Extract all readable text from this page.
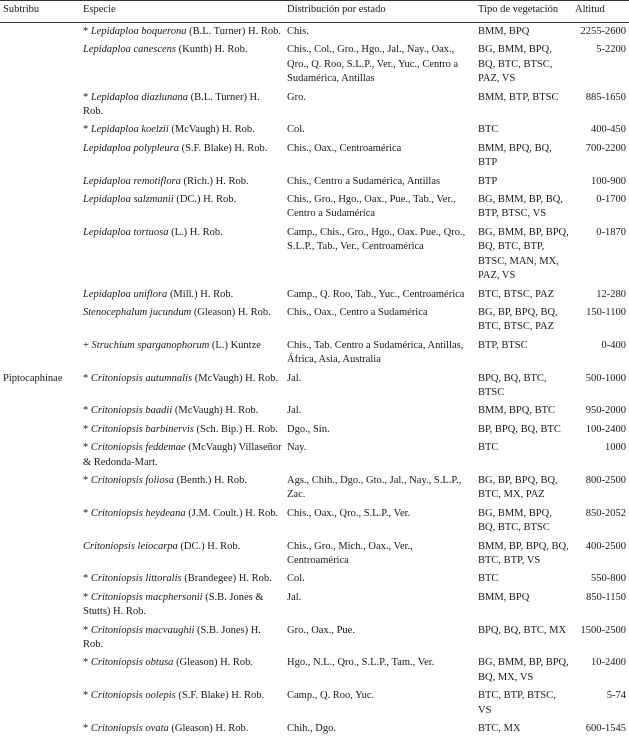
Subtribu	Especie	Distribución por estado	Tipo de vegetación	Altitud
	* Lepidaploa boquerona (B.L. Turner) H. Rob.	Chis.	BMM, BPQ	2255-2600
	Lepidaploa canescens (Kunth) H. Rob.	Chis., Col., Gro., Hgo., Jal., Nay., Oax., Qro., Q. Roo, S.L.P., Ver., Yuc., Centro a Sudamérica, Antillas	BG, BMM, BPQ, BQ, BTC, BTSC, PAZ, VS	5-2200
	* Lepidaploa diazlunana (B.L. Turner) H. Rob.	Gro.	BMM, BTP, BTSC	885-1650
	* Lepidaploa koelzii (McVaugh) H. Rob.	Col.	BTC	400-450
	Lepidaploa polypleura (S.F. Blake) H. Rob.	Chis., Oax., Centroamérica	BMM, BPQ, BQ, BTP	700-2200
	Lepidaploa remotiflora (Rich.) H. Rob.	Chis., Centro a Sudamérica, Antillas	BTP	100-900
	Lepidaploa salzmanii (DC.) H. Rob.	Chis., Gro., Hgo., Oax., Pue., Tab., Ver., Centro a Sudamérica	BG, BMM, BP, BQ, BTP, BTSC, VS	0-1700
	Lepidaploa tortuosa (L.) H. Rob.	Camp., Chis., Gro., Hgo., Oax. Pue., Qro., S.L.P., Tab., Ver., Centroamérica	BG, BMM, BP, BPQ, BQ, BTC, BTP, BTSC, MAN, MX, PAZ, VS	0-1870
	Lepidaploa uniflora (Mill.) H. Rob.	Camp., Q. Roo, Tab., Yuc., Centroamérica	BTC, BTSC, PAZ	12-280
	Stenocephalum jucundum (Gleason) H. Rob.	Chis., Oax., Centro a Sudamérica	BG, BP, BPQ, BQ, BTC, BTSC, PAZ	150-1100
	+ Struchium sparganophorum (L.) Kuntze	Chis., Tab. Centro a Sudamérica, Antillas, África, Asia, Australia	BTP, BTSC	0-400
Piptocaphinae	* Critoniopsis autumnalis (McVaugh) H. Rob.	Jal.	BPQ, BQ, BTC, BTSC	500-1000
	* Critoniopsis baadii (McVaugh) H. Rob.	Jal.	BMM, BPQ, BTC	950-2000
	* Critoniopsis barbinervis (Sch. Bip.) H. Rob.	Dgo., Sin.	BP, BPQ, BQ, BTC	100-2400
	* Critoniopsis feddemae (McVaugh) Villaseñor & Redonda-Mart.	Nay.	BTC	1000
	* Critoniopsis foliosa (Benth.) H. Rob.	Ags., Chih., Dgo., Gto., Jal., Nay., S.L.P., Zac.	BG, BP, BPQ, BQ, BTC, MX, PAZ	800-2500
	* Critoniopsis heydeana (J.M. Coult.) H. Rob.	Chis., Oax., Qro., S.L.P., Ver.	BG, BMM, BPQ, BQ, BTC, BTSC	850-2052
	Critoniopsis leiocarpa (DC.) H. Rob.	Chis., Gro., Mich., Oax., Ver., Centroamérica	BMM, BP, BPQ, BQ, BTC, BTP, VS	400-2500
	* Critoniopsis littoralis (Brandegee) H. Rob.	Col.	BTC	550-800
	* Critoniopsis macphersonii (S.B. Jones & Stutts) H. Rob.	Jal.	BMM, BPQ	850-1150
	* Critoniopsis macvaughii (S.B. Jones) H. Rob.	Gro., Oax., Pue.	BPQ, BQ, BTC, MX	1500-2500
	* Critoniopsis obtusa (Gleason) H. Rob.	Hgo., N.L., Qro., S.L.P., Tam., Ver.	BG, BMM, BP, BPQ, BQ, MX, VS	10-2400
	* Critoniopsis oolepis (S.F. Blake) H. Rob.	Camp., Q. Roo, Yuc.	BTC, BTP, BTSC, VS	5-74
	* Critoniopsis ovata (Gleason) H. Rob.	Chih., Dgo.	BTC, MX	600-1545
